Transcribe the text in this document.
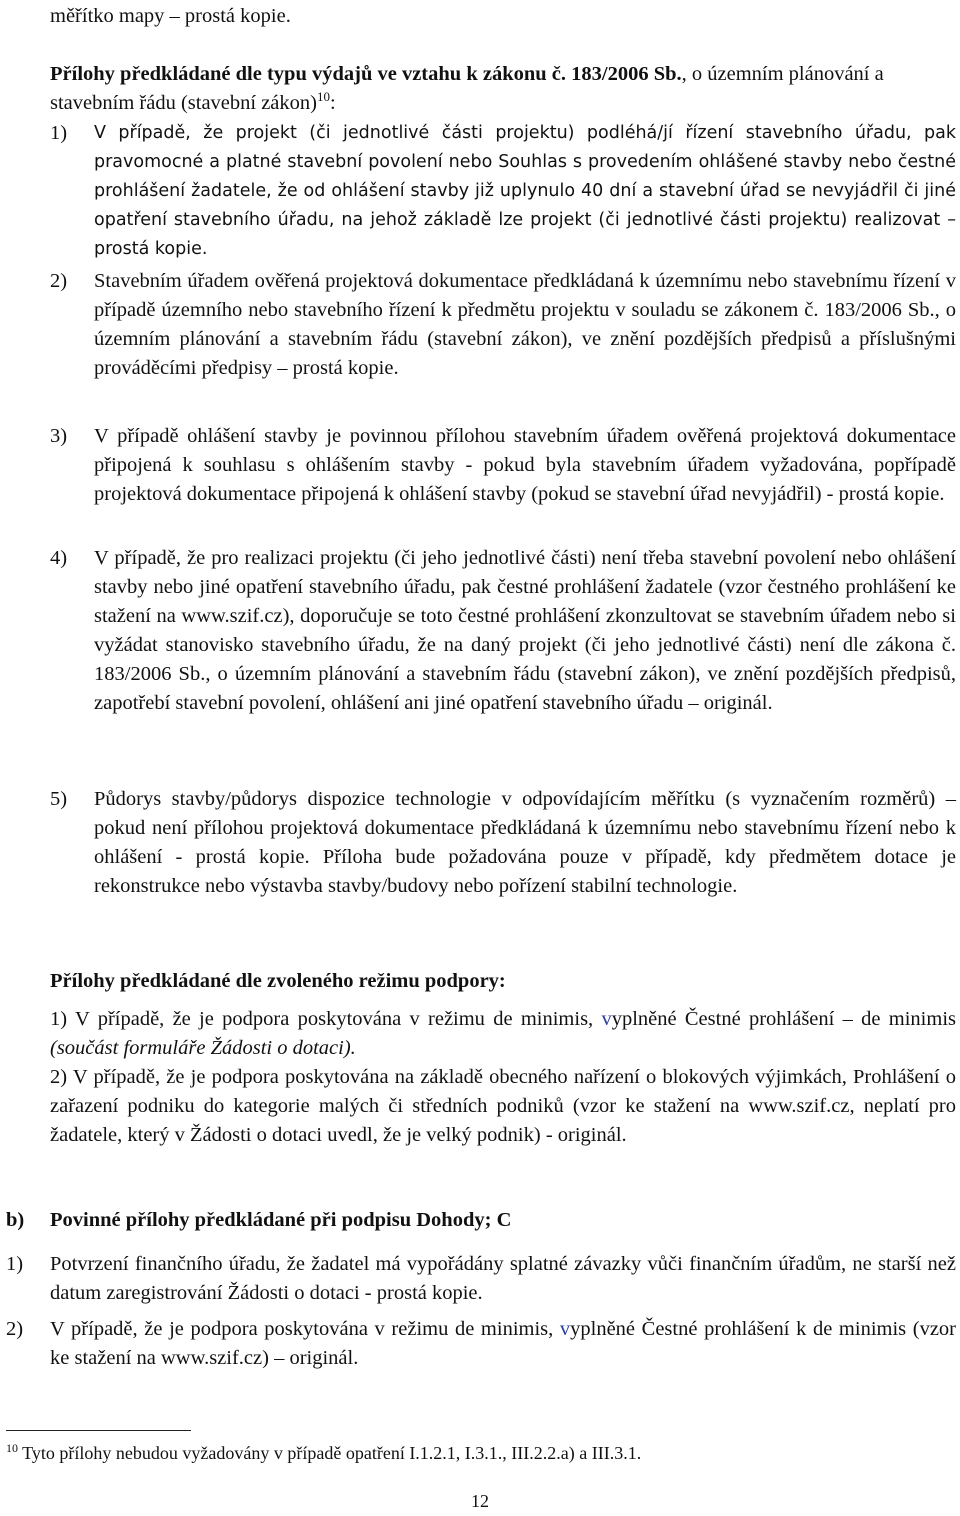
měřítko mapy – prostá kopie.

Přílohy předkládané dle typu výdajů ve vztahu k zákonu č. 183/2006 Sb., o územním plánování a stavebním řádu (stavební zákon)$^{10}$:

1) V případě, že projekt (či jednotlivé části projektu) podléhá/jí řízení stavebního úřadu, pak pravomocné a platné stavební povolení nebo Souhlas s provedením ohlášené stavby nebo čestné prohlášení žadatele, že od ohlášení stavby již uplynulo 40 dní a stavební úřad se nevyjádřil či jiné opatření stavebního úřadu, na jehož základě lze projekt (či jednotlivé části projektu) realizovat – prostá kopie.
2) Stavebním úřadem ověřená projektová dokumentace předkládaná k územnímu nebo stavebnímu řízení v případě územního nebo stavebního řízení k předmětu projektu v souladu se zákonem č. 183/2006 Sb., o územním plánování a stavebním řádu (stavební zákon), ve znění pozdějších předpisů a příslušnými prováděcími předpisy – prostá kopie.
3) V případě ohlášení stavby je povinnou přílohou stavebním úřadem ověřená projektová dokumentace připojená k souhlasu s ohlášením stavby - pokud byla stavebním úřadem vyžadována, popřípadě projektová dokumentace připojená k ohlášení stavby (pokud se stavební úřad nevyjádřil) - prostá kopie.
4) V případě, že pro realizaci projektu (či jeho jednotlivé části) není třeba stavební povolení nebo ohlášení stavby nebo jiné opatření stavebního úřadu, pak čestné prohlášení žadatele (vzor čestného prohlášení ke stažení na www.szif.cz), doporučuje se toto čestné prohlášení zkonzultovat se stavebním úřadem nebo si vyžádat stanovisko stavebního úřadu, že na daný projekt (či jeho jednotlivé části) není dle zákona č. 183/2006 Sb., o územním plánování a stavebním řádu (stavební zákon), ve znění pozdějších předpisů, zapotřebí stavební povolení, ohlášení ani jiné opatření stavebního úřadu – originál.
5) Půdorys stavby/půdorys dispozice technologie v odpovídajícím měřítku (s vyznačením rozměrů) – pokud není přílohou projektová dokumentace předkládaná k územnímu nebo stavebnímu řízení nebo k ohlášení - prostá kopie. Příloha bude požadována pouze v případě, kdy předmětem dotace je rekonstrukce nebo výstavba stavby/budovy nebo pořízení stabilní technologie.

Přílohy předkládané dle zvoleného režimu podpory:

1) V případě, že je podpora poskytována v režimu de minimis, vyplněné Čestné prohlášení – de minimis (součást formuláře Žádosti o dotaci).

2) V případě, že je podpora poskytována na základě obecného nařízení o blokových výjimkách, Prohlášení o zařazení podniku do kategorie malých či středních podniků (vzor ke stažení na www.szif.cz, neplatí pro žadatele, který v Žádosti o dotaci uvedl, že je velký podnik) - originál.

b) Povinné přílohy předkládané při podpisu Dohody; C
1) Potvrzení finančního úřadu, že žadatel má vypořádány splatné závazky vůči finančním úřadům, ne starší než datum zaregistrování Žádosti o dotaci - prostá kopie.
2) V případě, že je podpora poskytována v režimu de minimis, vyplněné Čestné prohlášení k de minimis (vzor ke stažení na www.szif.cz) – originál.
$^{10}$ Tyto přílohy nebudou vyžadovány v případě opatření I.1.2.1, I.3.1., III.2.2.a) a III.3.1.
12
